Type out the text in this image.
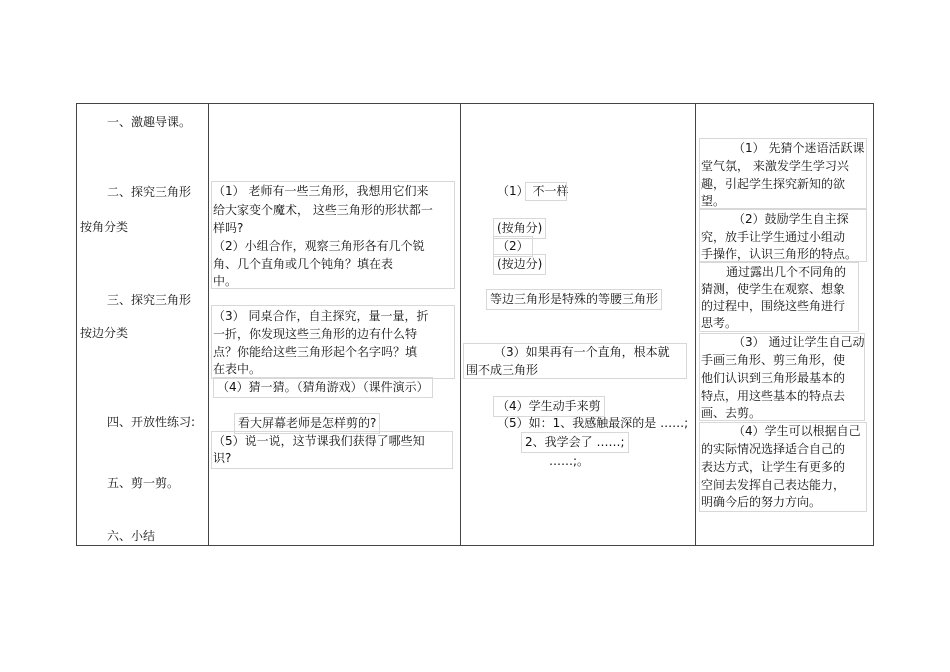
一、激趣导课。
二、探究三角形
按角分类
三、探究三角形
按边分类
四、开放性练习:
五、剪一剪。
六、小结
（1） 老师有一些三角形，我想用它们来
给大家变个魔术， 这些三角形的形状都一
样吗?
（2）小组合作，观察三角形各有几个锐
角、几个直角或几个钝角？填在表
中。
（3） 同桌合作，自主探究，量一量，折
一折，你发现这些三角形的边有什么特
点？你能给这些三角形起个名字吗？填
在表中。
（4）猜一猜。（猜角游戏）（课件演示）
看大屏幕老师是怎样剪的?
（5）说一说，这节课我们获得了哪些知
识?
（1） 不一样
(按角分)
（2）
(按边分)
等边三角形是特殊的等腰三角形
（3）如果再有一个直角，根本就
围不成三角形
（4）学生动手来剪
（5）如：1、我感触最深的是 ……;
2、我学会了 ……;
……;。
（1） 先猜个迷语活跃课
堂气氛， 来激发学生学习兴
趣，引起学生探究新知的欲
望。
（2）鼓励学生自主探
究，放手让学生通过小组动
手操作，认识三角形的特点。
通过露出几个不同角的
猜测，使学生在观察、想象
的过程中，围绕这些角进行
思考。
（3） 通过让学生自己动
手画三角形、剪三角形，使
他们认识到三角形最基本的
特点，用这些基本的特点去
画、去剪。
（4）学生可以根据自己
的实际情况选择适合自己的
表达方式，让学生有更多的
空间去发挥自己表达能力，
明确今后的努力方向。
